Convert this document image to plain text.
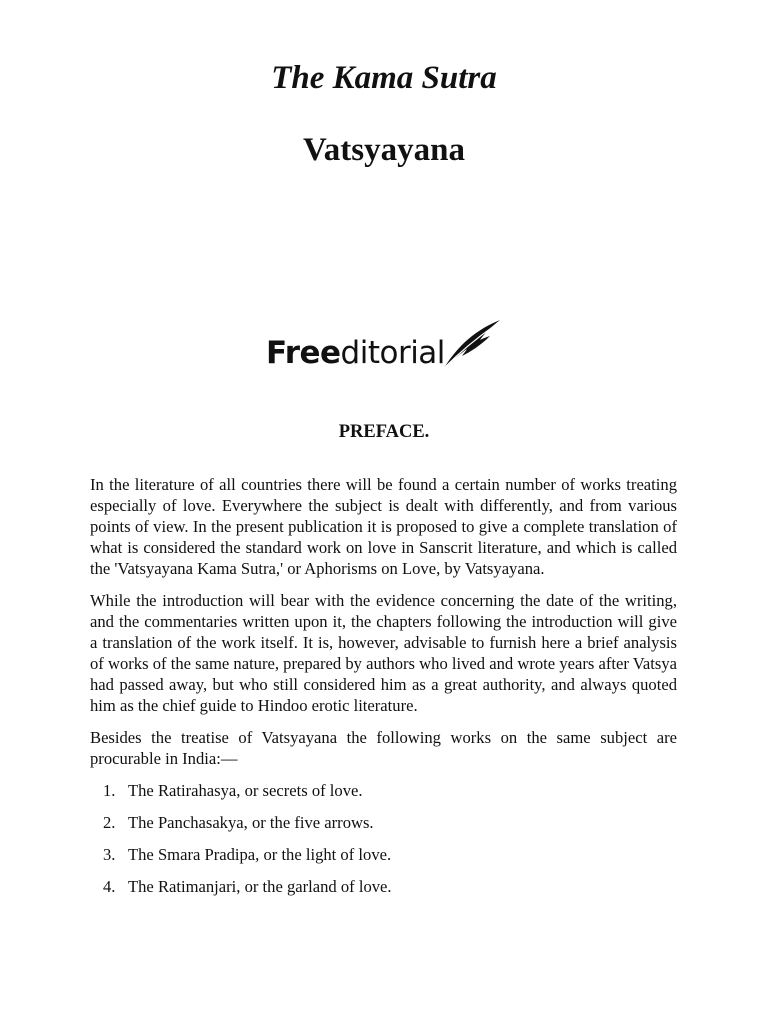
The Kama Sutra
Vatsyayana
Freeditorial
PREFACE.

In the literature of all countries there will be found a certain number of works treating especially of love. Everywhere the subject is dealt with differently, and from various points of view. In the present publication it is proposed to give a complete translation of what is considered the standard work on love in Sanscrit literature, and which is called the 'Vatsyayana Kama Sutra,' or Aphorisms on Love, by Vatsyayana.

While the introduction will bear with the evidence concerning the date of the writing, and the commentaries written upon it, the chapters following the introduction will give a translation of the work itself. It is, however, advisable to furnish here a brief analysis of works of the same nature, prepared by authors who lived and wrote years after Vatsya had passed away, but who still considered him as a great authority, and always quoted him as the chief guide to Hindoo erotic literature.

Besides the treatise of Vatsyayana the following works on the same subject are procurable in India:—

1. The Ratirahasya, or secrets of love.
2. The Panchasakya, or the five arrows.
3. The Smara Pradipa, or the light of love.
4. The Ratimanjari, or the garland of love.
